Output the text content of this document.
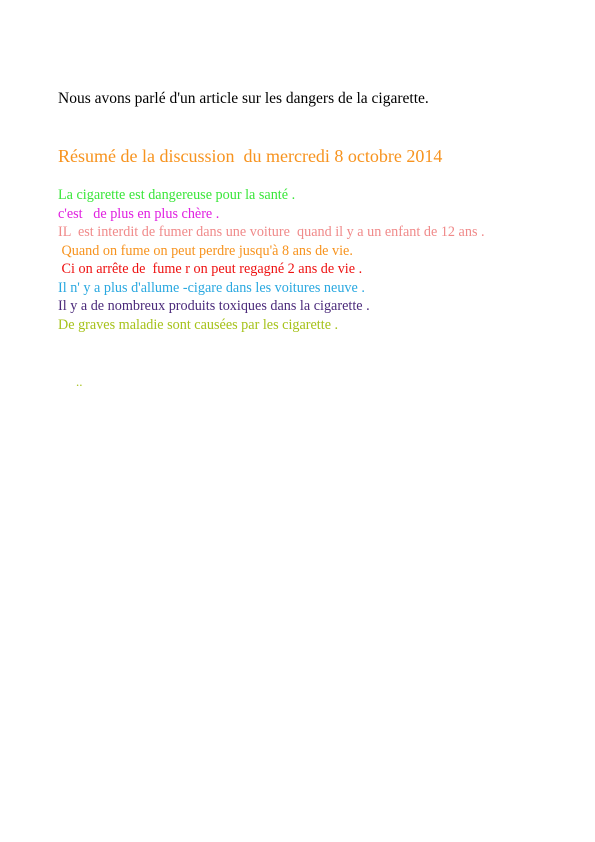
Nous avons parlé d'un article sur les dangers de la cigarette.

Résumé de la discussion  du mercredi 8 octobre 2014

La cigarette est dangereuse pour la santé .

c'est   de plus en plus chère .

IL  est interdit de fumer dans une voiture  quand il y a un enfant de 12 ans .

Quand on fume on peut perdre jusqu'à 8 ans de vie.

Ci on arrête de  fume r on peut regagné 2 ans de vie .

Il n' y a plus d'allume -cigare dans les voitures neuve .

Il y a de nombreux produits toxiques dans la cigarette .

De graves maladie sont causées par les cigarette .

..
